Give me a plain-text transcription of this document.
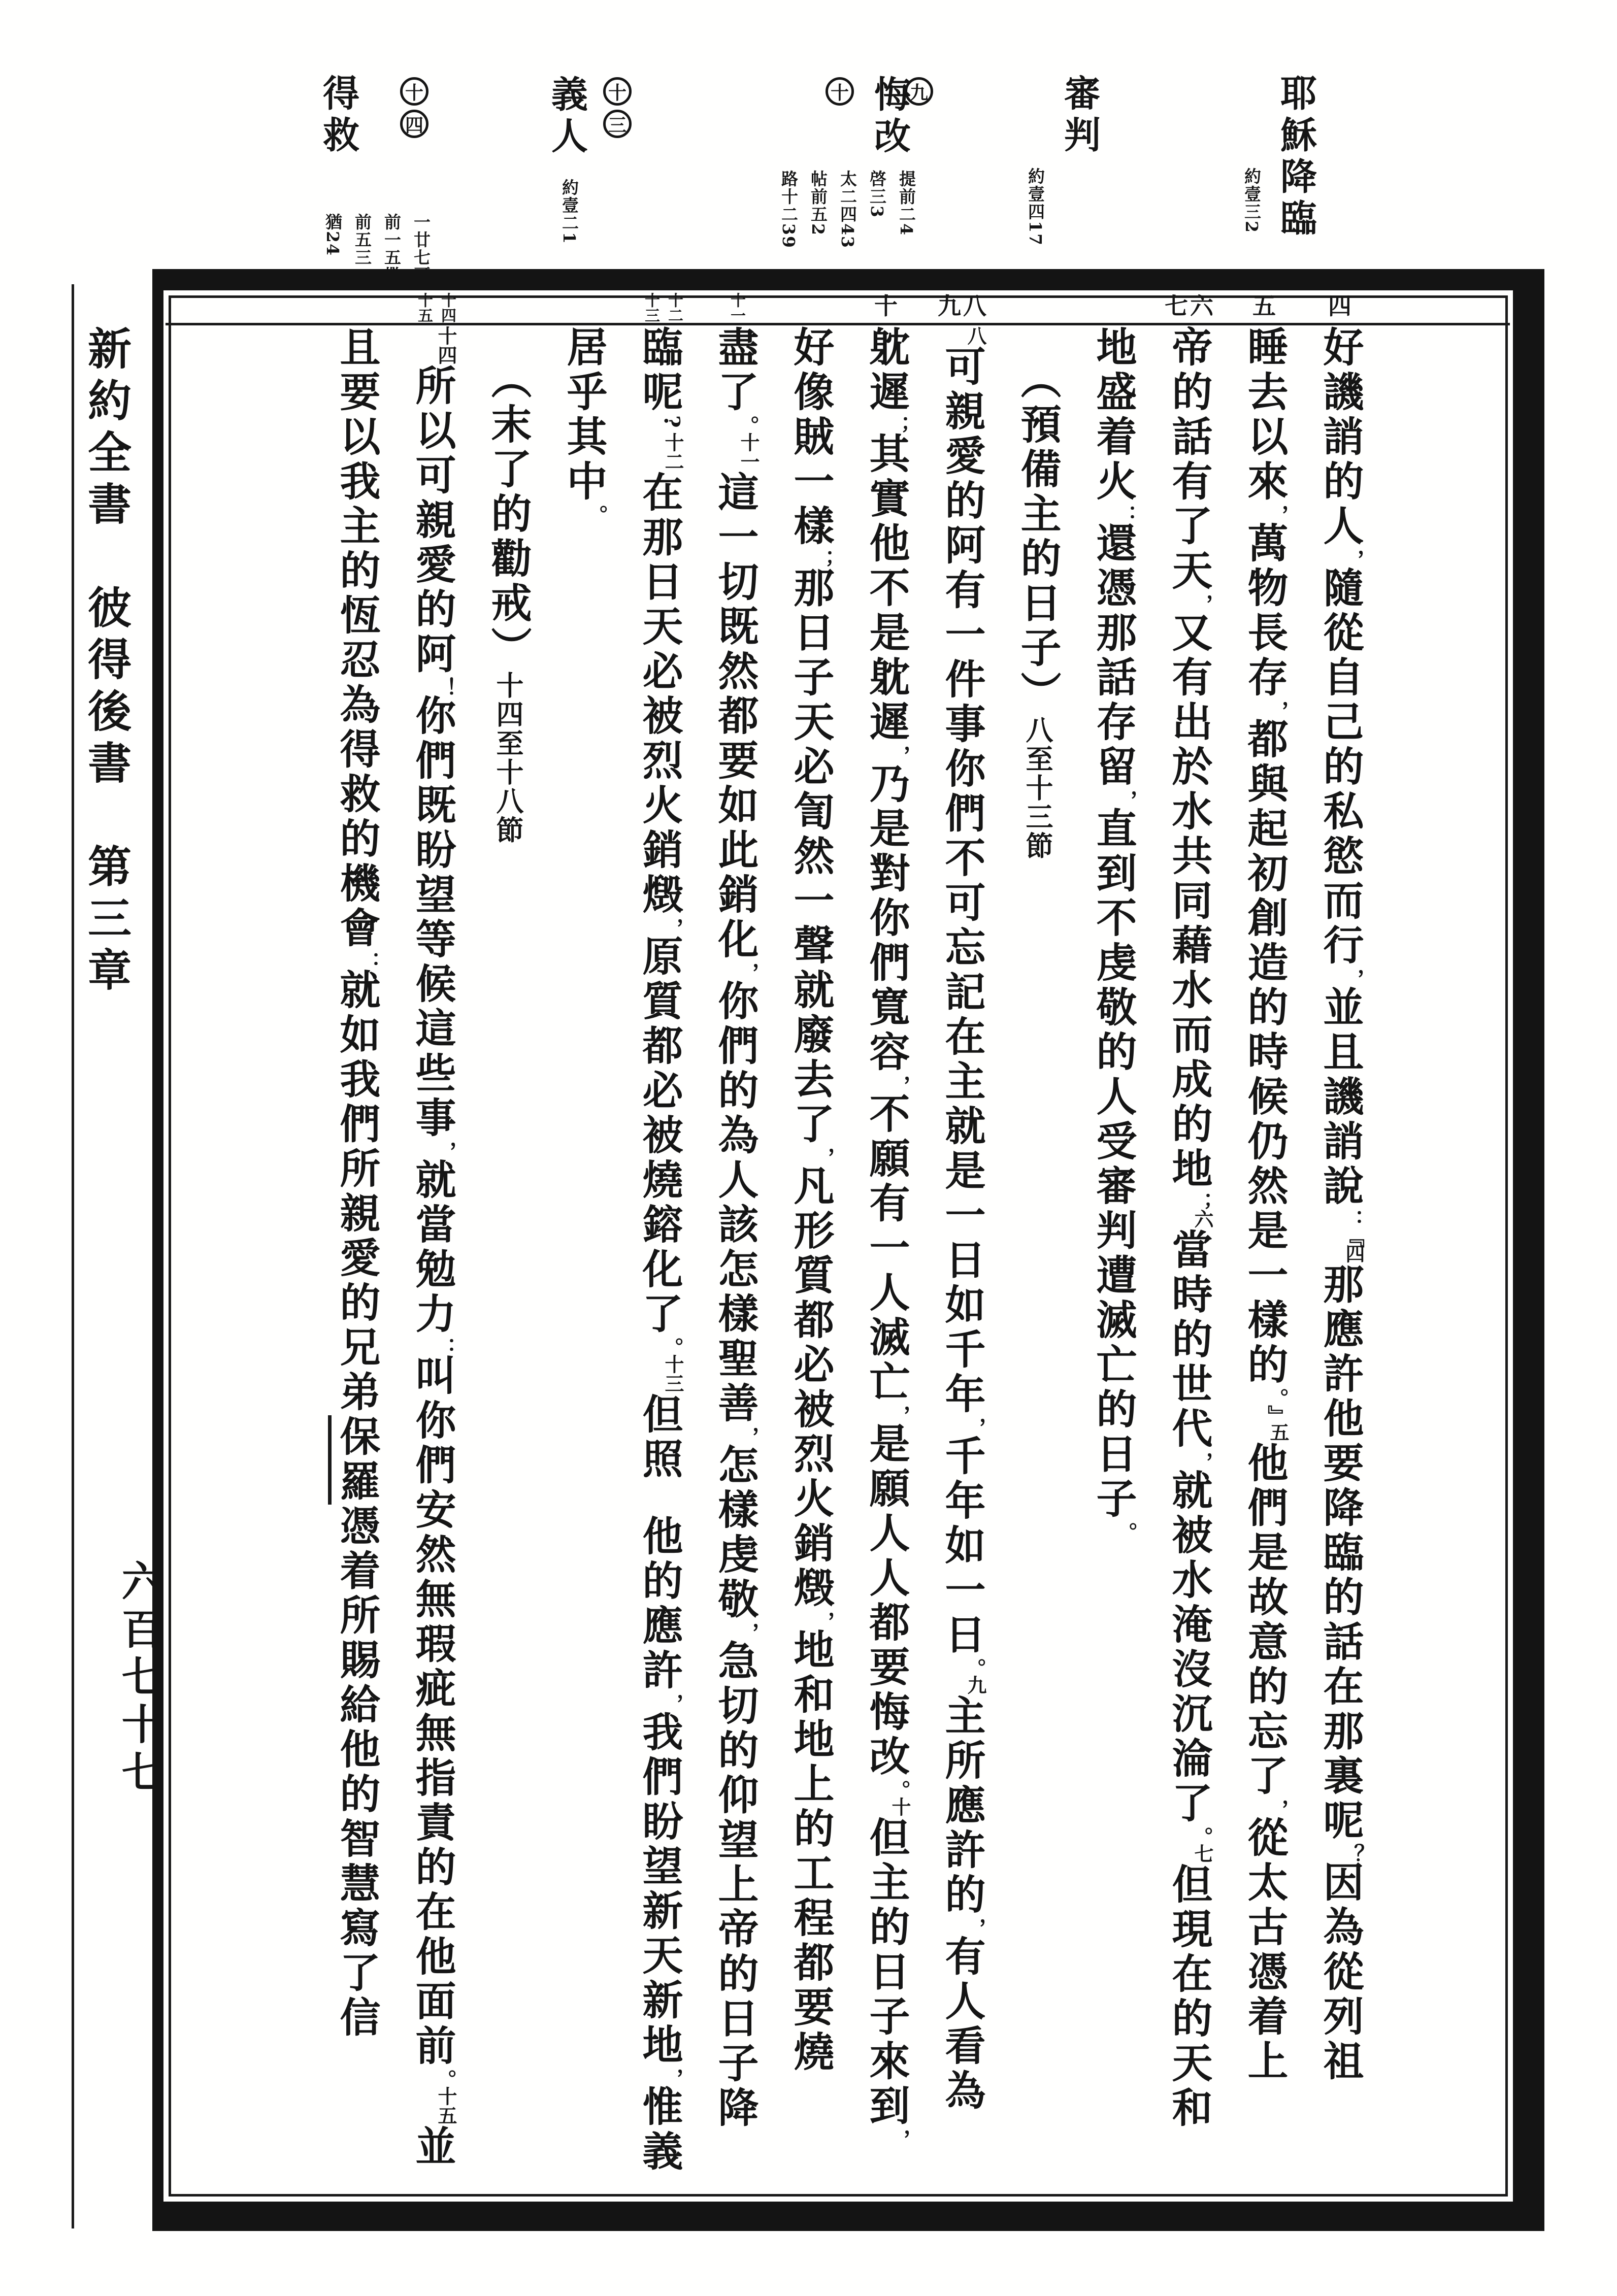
新約全書　彼得後書　第三章
六百七十七
耶穌降臨
約壹三2
審判
約壹四17
九
悔改
十
提前二4
啓三3
太二四43
帖前五2
路十二39
義人 十
三
約壹二1
得救 十
四
一廿七哥
前一五撒
前五三
猶24
四
好譏誚的人，隨從自己的私慾而行，並且譏誚說：﹃四那應許他要降臨的話在那裏呢？因為從列祖
五
睡去以來，萬物長存，都與起初創造的時候仍然是一樣的。﹄五他們是故意的忘了，從太古憑着上
六
七
帝的話有了天，又有出於水共同藉水而成的地；六當時的世代，就被水淹沒沉淪了。七但現在的天和
地盛着火：還憑那話存留，直到不虔敬的人受審判遭滅亡的日子。
︵預備主的日子︶八至十三節
八
九
八可親愛的阿有一件事你們不可忘記在主就是一日如千年，千年如一日。九主所應許的，有人看為
十
躭遲；其實他不是躭遲，乃是對你們寬容，不願有一人滅亡，是願人人都要悔改。十但主的日子來到，
好像賊一樣；那日子天必訇然一聲就廢去了，凡形質都必被烈火銷燬，地和地上的工程都要燒
十一
盡了。十一這一切既然都要如此銷化，你們的為人該怎樣聖善，怎樣虔敬，急切的仰望上帝的日子降
十二
十三
臨呢?十二在那日天必被烈火銷燬，原質都必被燒鎔化了。十三但照他的應許，我們盼望新天新地，惟義
居乎其中。
︵末了的勸戒︶十四至十八節
十四
十五
十四所以可親愛的阿！你們既盼望等候這些事，就當勉力：叫你們安然無瑕疵無指責的在他面前。十五並
且要以我主的恆忍為得救的機會：就如我們所親愛的兄弟保羅憑着所賜給他的智慧寫了信
